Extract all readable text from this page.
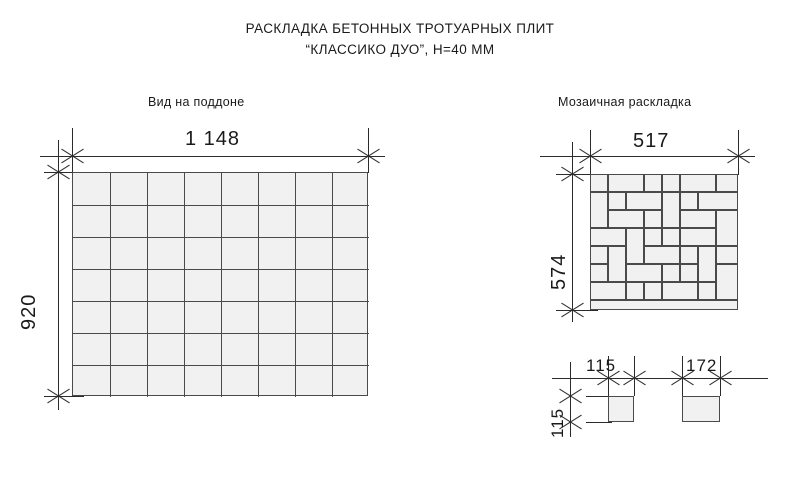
РАСКЛАДКА БЕТОННЫХ ТРОТУАРНЫХ ПЛИТ
“КЛАССИКО ДУО”, Н=40 ММ
Вид на поддоне	Мозаичная раскладка
1 148
920
517
574
115
115
172
